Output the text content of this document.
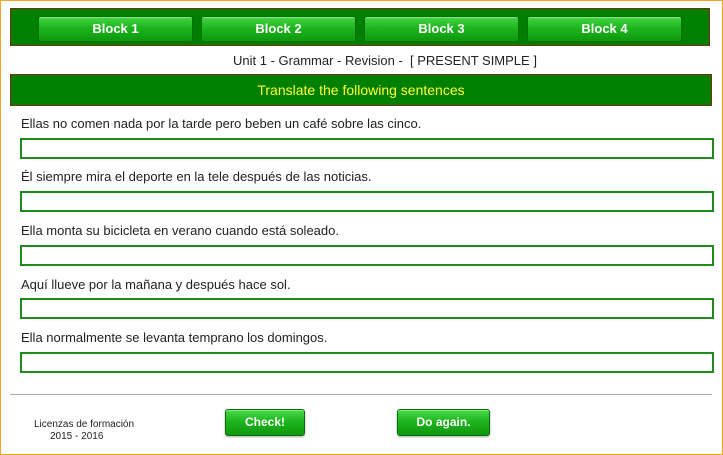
Block 1	Block 2	Block 3	Block 4
Unit 1 - Grammar - Revision -  [ PRESENT SIMPLE ]
Translate the following sentences
Ellas no comen nada por la tarde pero beben un café sobre las cinco.
Él siempre mira el deporte en la tele después de las noticias.
Ella monta su bicicleta en verano cuando está soleado.
Aquí llueve por la mañana y después hace sol.
Ella normalmente se levanta temprano los domingos.
Licenzas de formación
2015 - 2016
Check!	Do again.
